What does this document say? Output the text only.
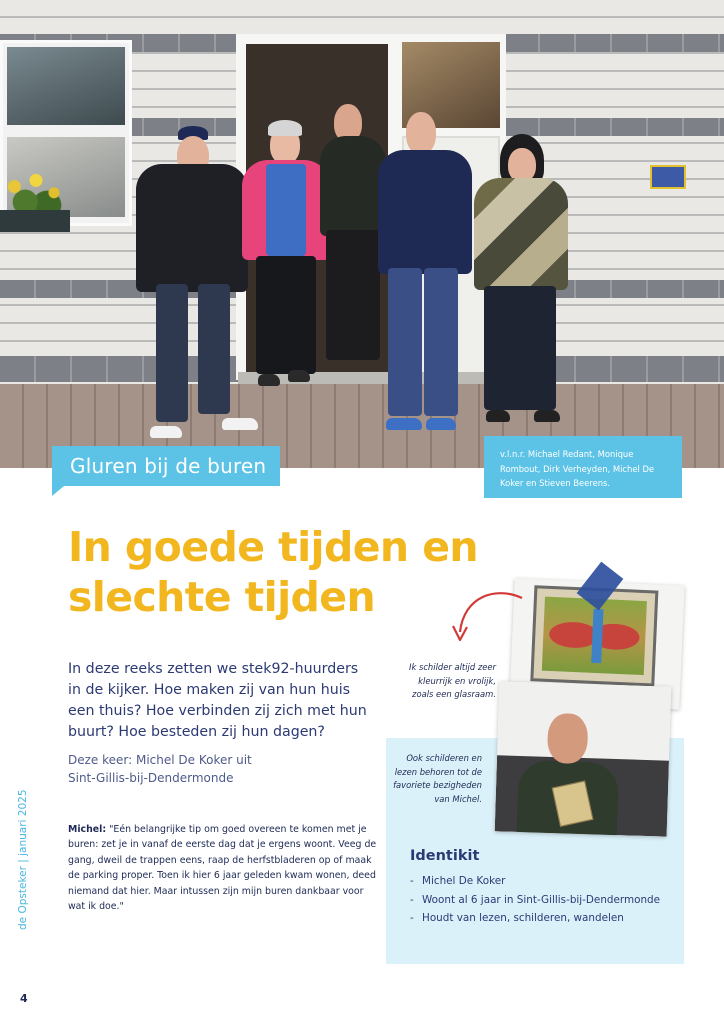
Gluren bij de buren	v.l.n.r. Michael Redant, Monique Rombout, Dirk Verheyden, Michel De Koker en Stieven Beerens.
In goede tijden en
slechte tijden

In deze reeks zetten we stek92-huurders in de kijker. Hoe maken zij van hun huis een thuis? Hoe verbinden zij zich met hun buurt? Hoe besteden zij hun dagen?

Deze keer: Michel De Koker uit
Sint-Gillis-bij-Dendermonde

Michel: "Eén belangrijke tip om goed overeen te komen met je buren: zet je in vanaf de eerste dag dat je ergens woont. Veeg de gang, dweil de trappen eens, raap de herfstbladeren op of maak de parking proper. Toen ik hier 6 jaar geleden kwam wonen, deed niemand dat hier. Maar intussen zijn mijn buren dankbaar voor wat ik doe."

de Opsteker | januari 2025
4

Ik schilder altijd zeer kleurrijk en vrolijk, zoals een glasraam.

Ook schilderen en lezen behoren tot de favoriete bezigheden van Michel.

Identikit
- Michel De Koker
- Woont al 6 jaar in Sint-Gillis-bij-Dendermonde
- Houdt van lezen, schilderen, wandelen
